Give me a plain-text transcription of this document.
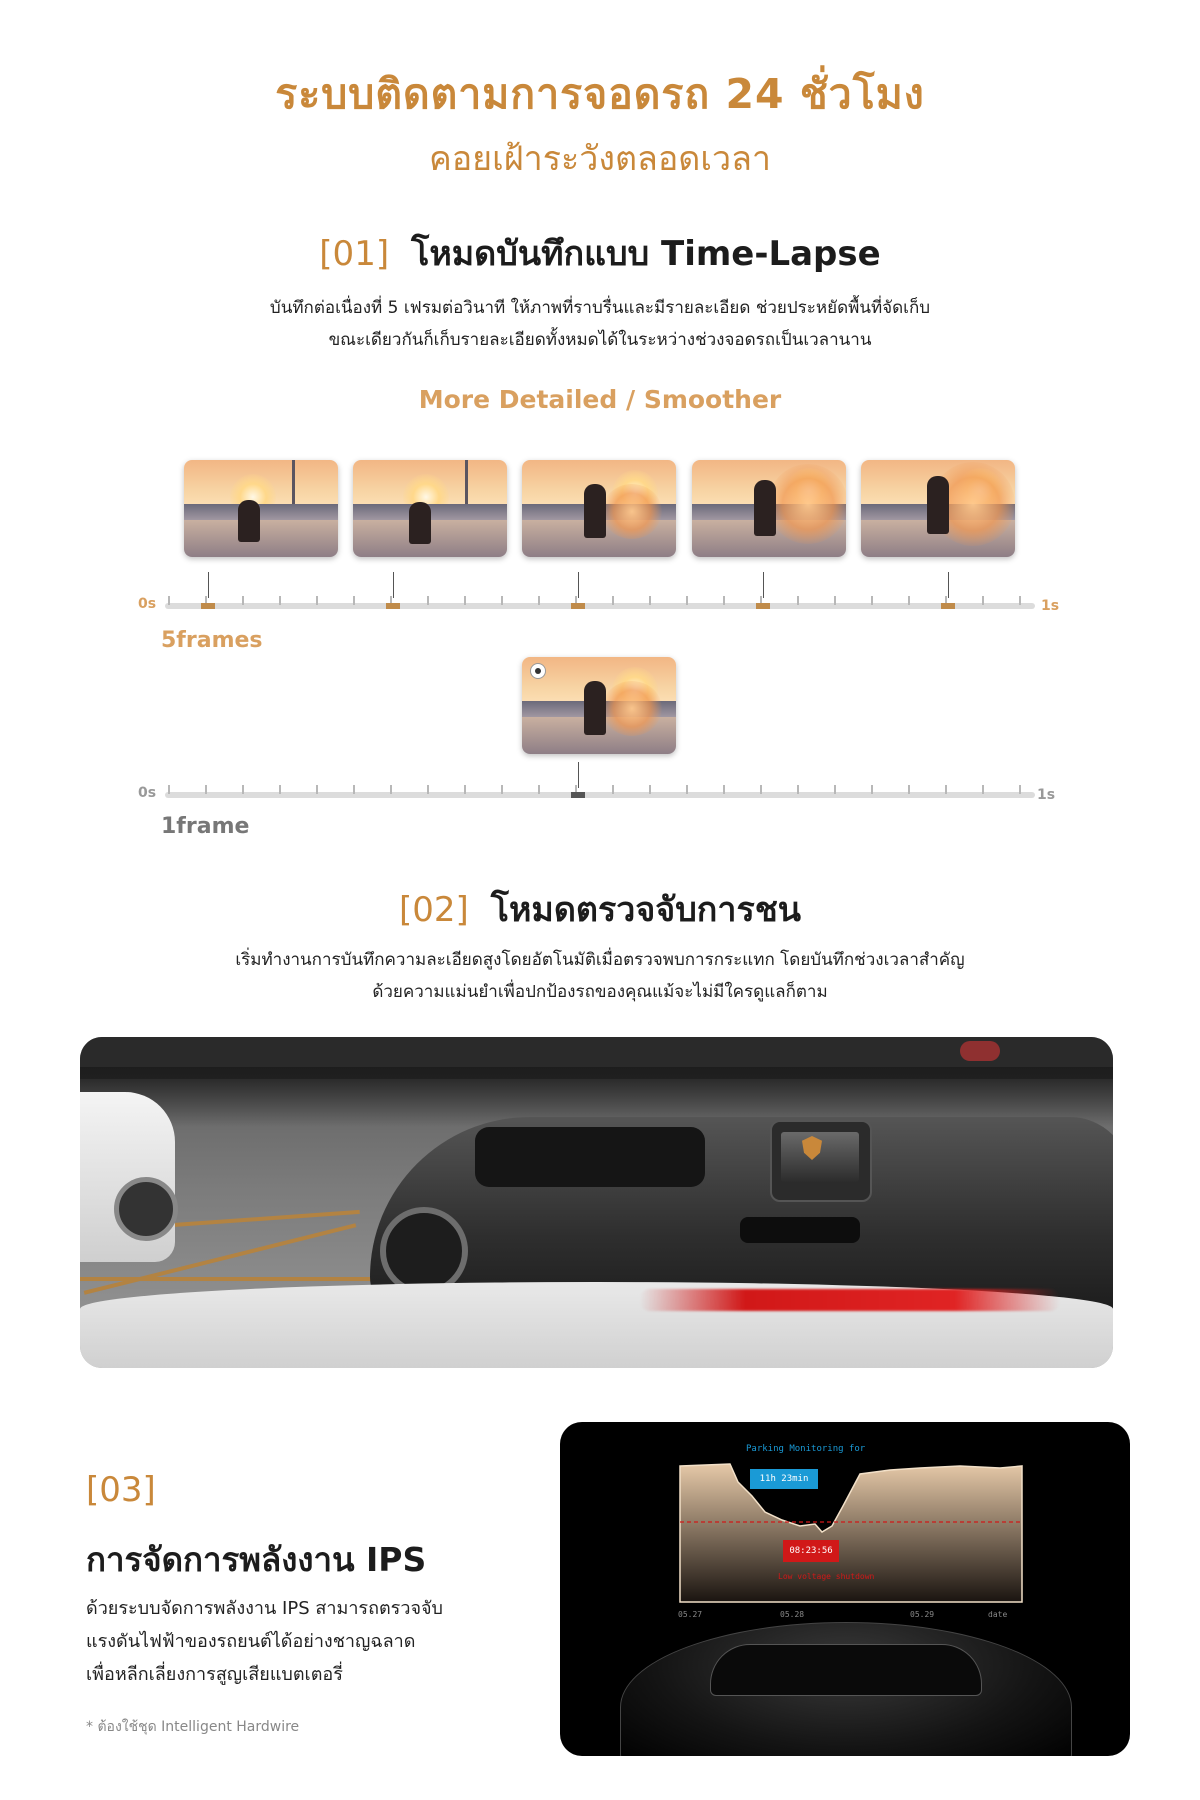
ระบบติดตามการจอดรถ 24 ชั่วโมง
คอยเฝ้าระวังตลอดเวลา
[01] โหมดบันทึกแบบ Time-Lapse
บันทึกต่อเนื่องที่ 5 เฟรมต่อวินาที ให้ภาพที่ราบรื่นและมีรายละเอียด ช่วยประหยัดพื้นที่จัดเก็บ
ขณะเดียวกันก็เก็บรายละเอียดทั้งหมดได้ในระหว่างช่วงจอดรถเป็นเวลานาน
More Detailed / Smoother
0s	1s
5frames
0s	1s
1frame
[02] โหมดตรวจจับการชน
เริ่มทำงานการบันทึกความละเอียดสูงโดยอัตโนมัติเมื่อตรวจพบการกระแทก โดยบันทึกช่วงเวลาสำคัญ
ด้วยความแม่นยำเพื่อปกป้องรถของคุณแม้จะไม่มีใครดูแลก็ตาม
[03]
การจัดการพลังงาน IPS
ด้วยระบบจัดการพลังงาน IPS สามารถตรวจจับ
แรงดันไฟฟ้าของรถยนต์ได้อย่างชาญฉลาด
เพื่อหลีกเลี่ยงการสูญเสียแบตเตอรี่
* ต้องใช้ชุด Intelligent Hardwire
Parking Monitoring for
11h 23min
08:23:56
Low voltage shutdown
05.27	05.28	05.29	date
